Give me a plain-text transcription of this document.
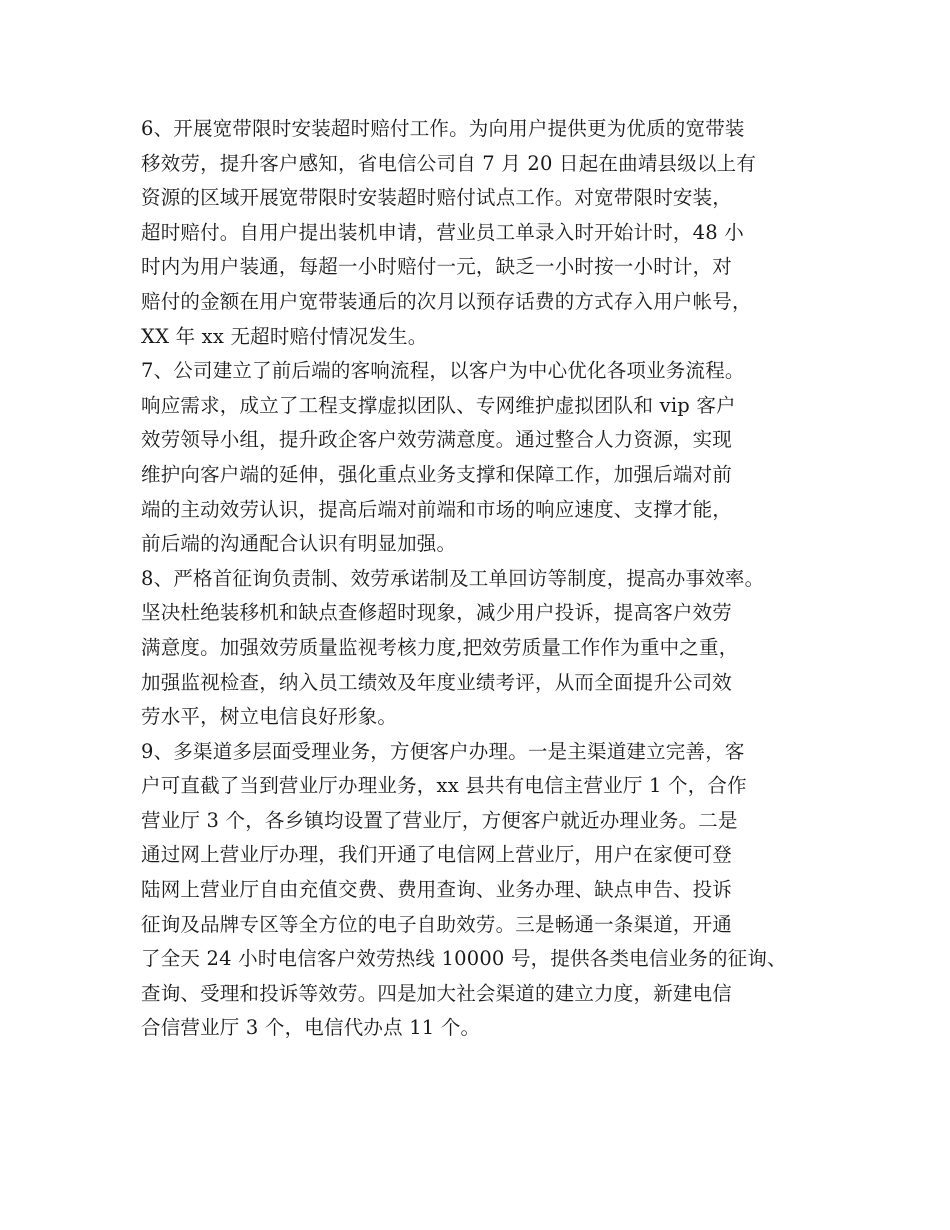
6、开展宽带限时安装超时赔付工作。为向用户提供更为优质的宽带装
移效劳，提升客户感知，省电信公司自 7 月 20 日起在曲靖县级以上有
资源的区域开展宽带限时安装超时赔付试点工作。对宽带限时安装，
超时赔付。自用户提出装机申请，营业员工单录入时开始计时，48 小
时内为用户装通，每超一小时赔付一元，缺乏一小时按一小时计，对
赔付的金额在用户宽带装通后的次月以预存话费的方式存入用户帐号，
XX 年 xx 无超时赔付情况发生。
7、公司建立了前后端的客响流程，以客户为中心优化各项业务流程。
响应需求，成立了工程支撑虚拟团队、专网维护虚拟团队和 vip 客户
效劳领导小组，提升政企客户效劳满意度。通过整合人力资源，实现
维护向客户端的延伸，强化重点业务支撑和保障工作，加强后端对前
端的主动效劳认识，提高后端对前端和市场的响应速度、支撑才能，
前后端的沟通配合认识有明显加强。
8、严格首征询负责制、效劳承诺制及工单回访等制度，提高办事效率。
坚决杜绝装移机和缺点查修超时现象，减少用户投诉，提高客户效劳
满意度。加强效劳质量监视考核力度,把效劳质量工作作为重中之重，
加强监视检查，纳入员工绩效及年度业绩考评，从而全面提升公司效
劳水平，树立电信良好形象。
9、多渠道多层面受理业务，方便客户办理。一是主渠道建立完善，客
户可直截了当到营业厅办理业务，xx 县共有电信主营业厅 1 个，合作
营业厅 3 个，各乡镇均设置了营业厅，方便客户就近办理业务。二是
通过网上营业厅办理，我们开通了电信网上营业厅，用户在家便可登
陆网上营业厅自由充值交费、费用查询、业务办理、缺点申告、投诉
征询及品牌专区等全方位的电子自助效劳。三是畅通一条渠道，开通
了全天 24 小时电信客户效劳热线 10000 号，提供各类电信业务的征询、
查询、受理和投诉等效劳。四是加大社会渠道的建立力度，新建电信
合信营业厅 3 个，电信代办点 11 个。
